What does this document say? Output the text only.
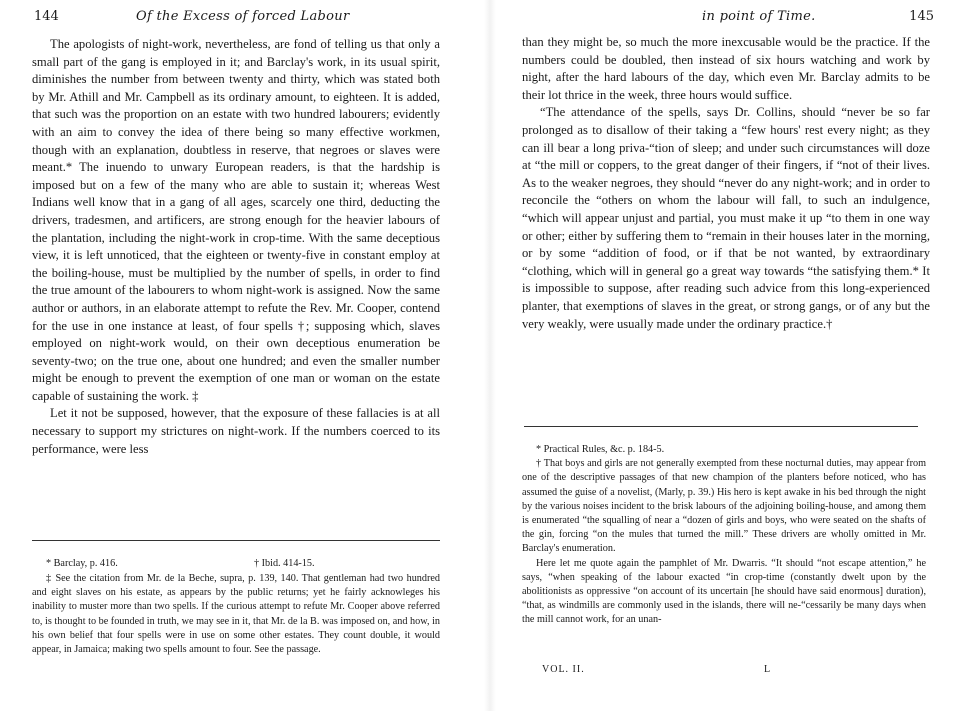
144	Of the Excess of forced Labour

The apologists of night-work, nevertheless, are fond of telling us that only a small part of the gang is employed in it; and Barclay's work, in its usual spirit, diminishes the number from between twenty and thirty, which was stated both by Mr. Athill and Mr. Campbell as its ordinary amount, to eighteen. It is added, that such was the proportion on an estate with two hundred labourers; evidently with an aim to convey the idea of there being so many effective workmen, though with an explanation, doubtless in reserve, that negroes or slaves were meant.* The inuendo to unwary European readers, is that the hardship is imposed but on a few of the many who are able to sustain it; whereas West Indians well know that in a gang of all ages, scarcely one third, deducting the drivers, tradesmen, and artificers, are strong enough for the heavier labours of the plantation, including the night-work in crop-time. With the same deceptious view, it is left unnoticed, that the eighteen or twenty-five in constant employ at the boiling-house, must be multiplied by the number of spells, in order to find the true amount of the labourers to whom night-work is assigned. Now the same author or authors, in an elaborate attempt to refute the Rev. Mr. Cooper, contend for the use in one instance at least, of four spells †; supposing which, slaves employed on night-work would, on their own deceptious enumeration be seventy-two; on the true one, about one hundred; and even the smaller number might be enough to prevent the exemption of one man or woman on the estate capable of sustaining the work. ‡

Let it not be supposed, however, that the exposure of these fallacies is at all necessary to support my strictures on night-work. If the numbers coerced to its performance, were less

* Barclay, p. 416.	† Ibid. 414-15.

‡ See the citation from Mr. de la Beche, supra, p. 139, 140. That gentleman had two hundred and eight slaves on his estate, as appears by the public returns; yet he fairly acknowleges his inability to muster more than two spells. If the curious attempt to refute Mr. Cooper above referred to, is thought to be founded in truth, we may see in it, that Mr. de la B. was imposed on, and how, in his own belief that four spells were in use on some other estates. They count double, it would appear, in Jamaica; making two spells amount to four. See the passage.

in point of Time.	145

than they might be, so much the more inexcusable would be the practice. If the numbers could be doubled, then instead of six hours watching and work by night, after the hard labours of the day, which even Mr. Barclay admits to be their lot thrice in the week, three hours would suffice.

“The attendance of the spells, says Dr. Collins, should “never be so far prolonged as to disallow of their taking a “few hours' rest every night; as they can ill bear a long priva-“tion of sleep; and under such circumstances will doze at “the mill or coppers, to the great danger of their fingers, if “not of their lives. As to the weaker negroes, they should “never do any night-work; and in order to reconcile the “others on whom the labour will fall, to such an indulgence, “which will appear unjust and partial, you must make it up “to them in one way or other; either by suffering them to “remain in their houses later in the morning, or by some “addition of food, or if that be not wanted, by extraordinary “clothing, which will in general go a great way towards “the satisfying them.* It is impossible to suppose, after reading such advice from this long-experienced planter, that exemptions of slaves in the great, or strong gangs, or of any but the very weakly, were usually made under the ordinary practice.†

* Practical Rules, &c. p. 184-5.

† That boys and girls are not generally exempted from these nocturnal duties, may appear from one of the descriptive passages of that new champion of the planters before noticed, who has assumed the guise of a novelist, (Marly, p. 39.) His hero is kept awake in his bed through the night by the various noises incident to the brisk labours of the adjoining boiling-house, and among them is enumerated “the squalling of near a “dozen of girls and boys, who were seated on the shafts of the gin, forcing “on the mules that turned the mill.” These drivers are wholly omitted in Mr. Barclay's enumeration.

Here let me quote again the pamphlet of Mr. Dwarris. “It should “not escape attention,” he says, “when speaking of the labour exacted “in crop-time (constantly dwelt upon by the abolitionists as oppressive “on account of its uncertain [he should have said enormous] duration), “that, as windmills are commonly used in the islands, there will ne-“cessarily be many days when the mill cannot work, for an unan-

VOL. II.	L
